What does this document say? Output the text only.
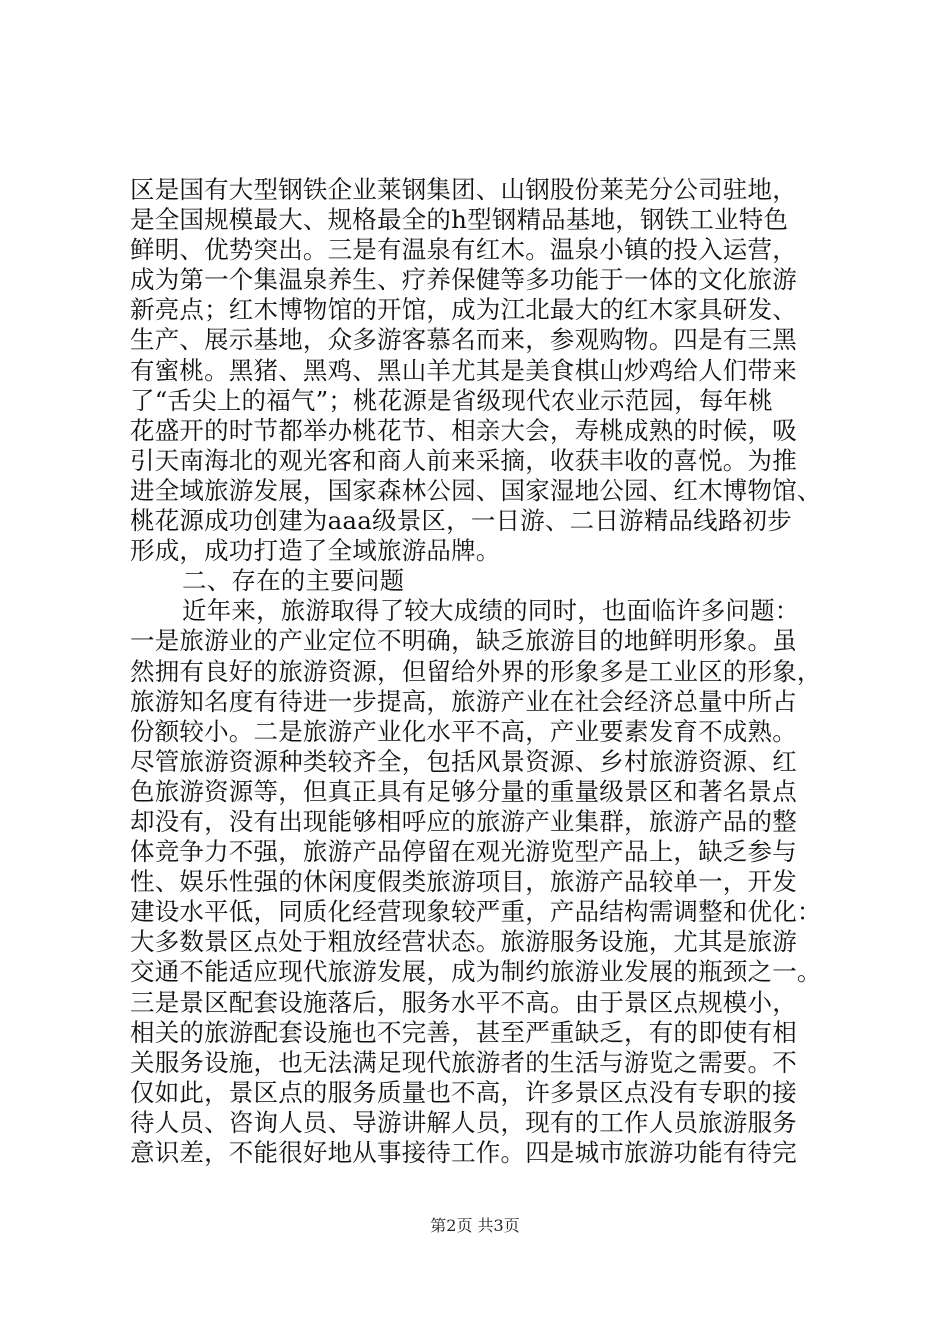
区是国有大型钢铁企业莱钢集团、山钢股份莱芜分公司驻地，
是全国规模最大、规格最全的h型钢精品基地，钢铁工业特色
鲜明、优势突出。三是有温泉有红木。温泉小镇的投入运营，
成为第一个集温泉养生、疗养保健等多功能于一体的文化旅游
新亮点；红木博物馆的开馆，成为江北最大的红木家具研发、
生产、展示基地，众多游客慕名而来，参观购物。四是有三黑
有蜜桃。黑猪、黑鸡、黑山羊尤其是美食棋山炒鸡给人们带来
了“舌尖上的福气”；桃花源是省级现代农业示范园，每年桃
花盛开的时节都举办桃花节、相亲大会，寿桃成熟的时候，吸
引天南海北的观光客和商人前来采摘，收获丰收的喜悦。为推
进全域旅游发展，国家森林公园、国家湿地公园、红木博物馆、
桃花源成功创建为aaa级景区，一日游、二日游精品线路初步
形成，成功打造了全域旅游品牌。
二、存在的主要问题
近年来，旅游取得了较大成绩的同时，也面临许多问题：
一是旅游业的产业定位不明确，缺乏旅游目的地鲜明形象。虽
然拥有良好的旅游资源，但留给外界的形象多是工业区的形象，
旅游知名度有待进一步提高，旅游产业在社会经济总量中所占
份额较小。二是旅游产业化水平不高，产业要素发育不成熟。
尽管旅游资源种类较齐全，包括风景资源、乡村旅游资源、红
色旅游资源等，但真正具有足够分量的重量级景区和著名景点
却没有，没有出现能够相呼应的旅游产业集群，旅游产品的整
体竞争力不强，旅游产品停留在观光游览型产品上，缺乏参与
性、娱乐性强的休闲度假类旅游项目，旅游产品较单一，开发
建设水平低，同质化经营现象较严重，产品结构需调整和优化：
大多数景区点处于粗放经营状态。旅游服务设施，尤其是旅游
交通不能适应现代旅游发展，成为制约旅游业发展的瓶颈之一。
三是景区配套设施落后，服务水平不高。由于景区点规模小，
相关的旅游配套设施也不完善，甚至严重缺乏，有的即使有相
关服务设施，也无法满足现代旅游者的生活与游览之需要。不
仅如此，景区点的服务质量也不高，许多景区点没有专职的接
待人员、咨询人员、导游讲解人员，现有的工作人员旅游服务
意识差，不能很好地从事接待工作。四是城市旅游功能有待完
第2页 共3页
